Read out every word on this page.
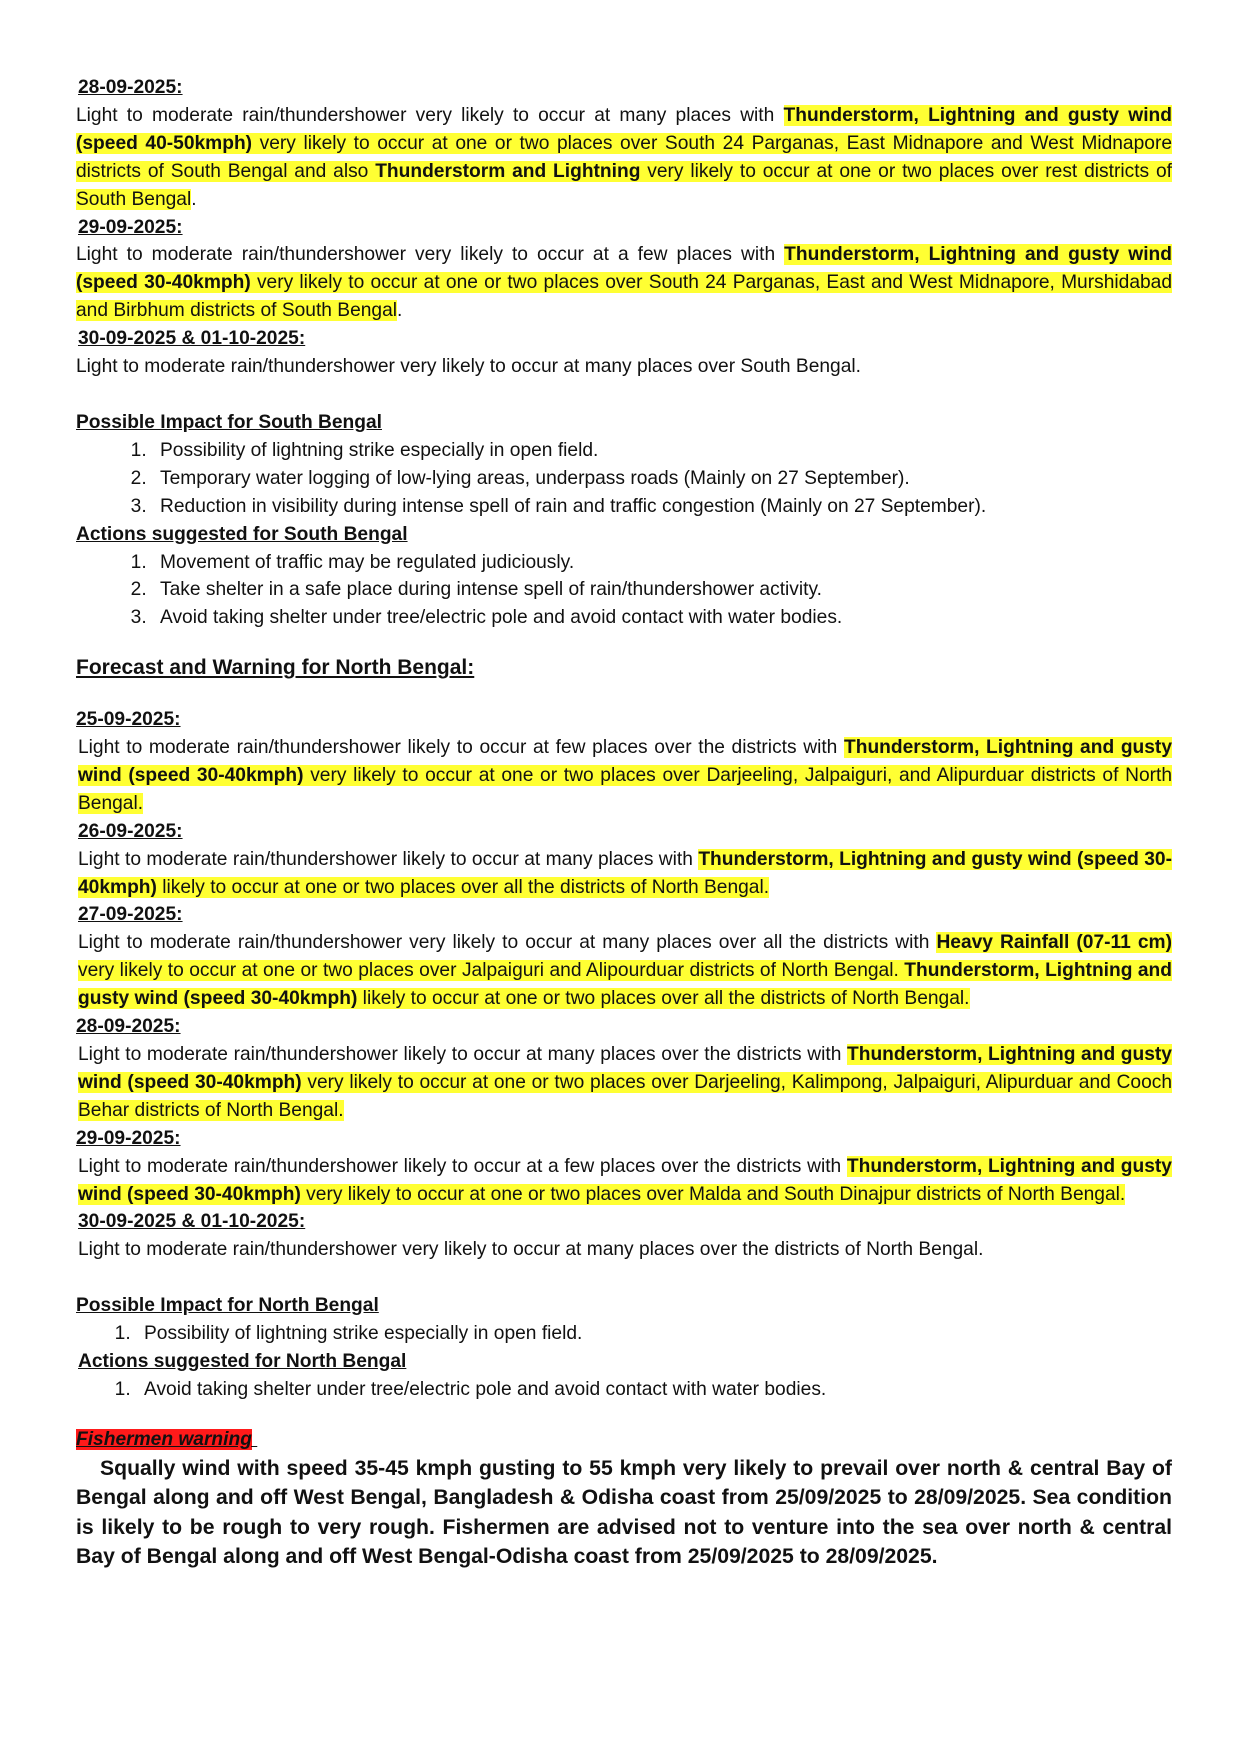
28-09-2025:

Light to moderate rain/thundershower very likely to occur at many places with Thunderstorm, Lightning and gusty wind (speed 40-50kmph) very likely to occur at one or two places over South 24 Parganas, East Midnapore and West Midnapore districts of South Bengal and also Thunderstorm and Lightning very likely to occur at one or two places over rest districts of South Bengal.

29-09-2025:

Light to moderate rain/thundershower very likely to occur at a few places with Thunderstorm, Lightning and gusty wind (speed 30-40kmph) very likely to occur at one or two places over South 24 Parganas, East and West Midnapore, Murshidabad and Birbhum districts of South Bengal.

30-09-2025 & 01-10-2025:

Light to moderate rain/thundershower very likely to occur at many places over South Bengal.

Possible Impact for South Bengal

1. Possibility of lightning strike especially in open field.
2. Temporary water logging of low-lying areas, underpass roads (Mainly on 27 September).
3. Reduction in visibility during intense spell of rain and traffic congestion (Mainly on 27 September).

Actions suggested for South Bengal

1. Movement of traffic may be regulated judiciously.
2. Take shelter in a safe place during intense spell of rain/thundershower activity.
3. Avoid taking shelter under tree/electric pole and avoid contact with water bodies.

Forecast and Warning for North Bengal:

25-09-2025:

Light to moderate rain/thundershower likely to occur at few places over the districts with Thunderstorm, Lightning and gusty wind (speed 30-40kmph) very likely to occur at one or two places over Darjeeling, Jalpaiguri, and Alipurduar districts of North Bengal.

26-09-2025:

Light to moderate rain/thundershower likely to occur at many places with Thunderstorm, Lightning and gusty wind (speed 30-40kmph) likely to occur at one or two places over all the districts of North Bengal.

27-09-2025:

Light to moderate rain/thundershower very likely to occur at many places over all the districts with Heavy Rainfall (07-11 cm) very likely to occur at one or two places over Jalpaiguri and Alipourduar districts of North Bengal. Thunderstorm, Lightning and gusty wind (speed 30-40kmph) likely to occur at one or two places over all the districts of North Bengal.

28-09-2025:

Light to moderate rain/thundershower likely to occur at many places over the districts with Thunderstorm, Lightning and gusty wind (speed 30-40kmph) very likely to occur at one or two places over Darjeeling, Kalimpong, Jalpaiguri, Alipurduar and Cooch Behar districts of North Bengal.

29-09-2025:

Light to moderate rain/thundershower likely to occur at a few places over the districts with Thunderstorm, Lightning and gusty wind (speed 30-40kmph) very likely to occur at one or two places over Malda and South Dinajpur districts of North Bengal.

30-09-2025 & 01-10-2025:

Light to moderate rain/thundershower very likely to occur at many places over the districts of North Bengal.

Possible Impact for North Bengal

1. Possibility of lightning strike especially in open field.

Actions suggested for North Bengal

1. Avoid taking shelter under tree/electric pole and avoid contact with water bodies.

Fishermen warning

Squally wind with speed 35-45 kmph gusting to 55 kmph very likely to prevail over north & central Bay of Bengal along and off West Bengal, Bangladesh & Odisha coast from 25/09/2025 to 28/09/2025. Sea condition is likely to be rough to very rough. Fishermen are advised not to venture into the sea over north & central Bay of Bengal along and off West Bengal-Odisha coast from 25/09/2025 to 28/09/2025.
